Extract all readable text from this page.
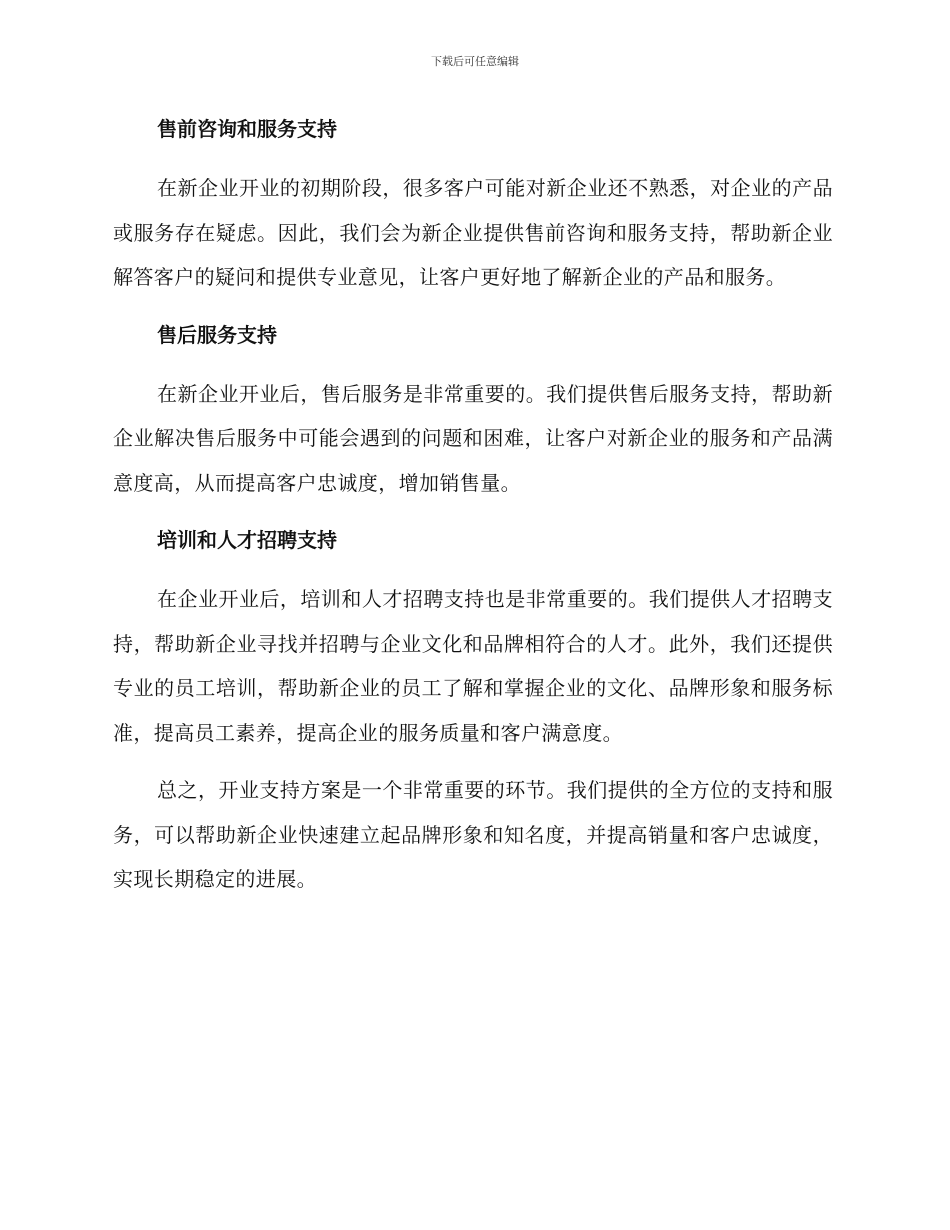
下载后可任意编辑
售前咨询和服务支持

在新企业开业的初期阶段，很多客户可能对新企业还不熟悉，对企业的产品或服务存在疑虑。因此，我们会为新企业提供售前咨询和服务支持，帮助新企业解答客户的疑问和提供专业意见，让客户更好地了解新企业的产品和服务。

售后服务支持

在新企业开业后，售后服务是非常重要的。我们提供售后服务支持，帮助新企业解决售后服务中可能会遇到的问题和困难，让客户对新企业的服务和产品满意度高，从而提高客户忠诚度，增加销售量。

培训和人才招聘支持

在企业开业后，培训和人才招聘支持也是非常重要的。我们提供人才招聘支持，帮助新企业寻找并招聘与企业文化和品牌相符合的人才。此外，我们还提供专业的员工培训，帮助新企业的员工了解和掌握企业的文化、品牌形象和服务标准，提高员工素养，提高企业的服务质量和客户满意度。

总之，开业支持方案是一个非常重要的环节。我们提供的全方位的支持和服务，可以帮助新企业快速建立起品牌形象和知名度，并提高销量和客户忠诚度，实现长期稳定的进展。
